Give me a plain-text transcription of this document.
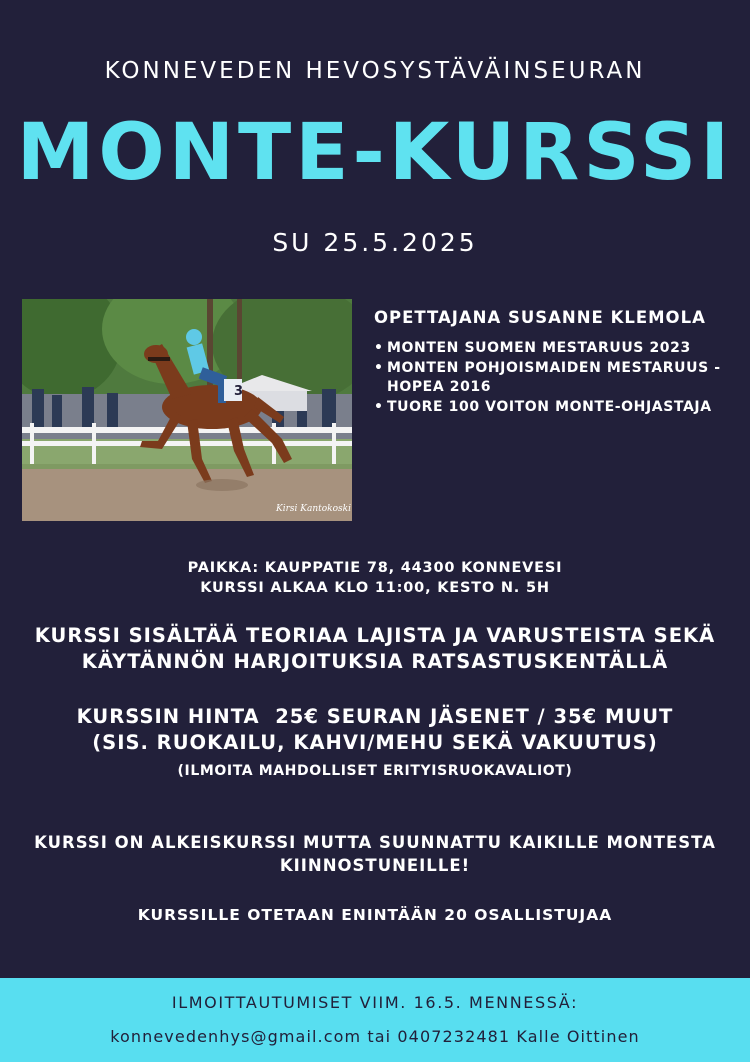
KONNEVEDEN HEVOSYSTÄVÄINSEURAN
MONTE-KURSSI
SU 25.5.2025
3
Kirsi Kantokoski
OPETTAJANA SUSANNE KLEMOLA
• MONTEN SUOMEN MESTARUUS 2023
• MONTEN POHJOISMAIDEN MESTARUUS -HOPEA 2016
• TUORE 100 VOITON MONTE-OHJASTAJA
PAIKKA: KAUPPATIE 78, 44300 KONNEVESI
KURSSI ALKAA KLO 11:00, KESTO N. 5H
KURSSI SISÄLTÄÄ TEORIAA LAJISTA JA VARUSTEISTA SEKÄ
KÄYTÄNNÖN HARJOITUKSIA RATSASTUSKENTÄLLÄ
KURSSIN HINTA  25€ SEURAN JÄSENET / 35€ MUUT
(SIS. RUOKAILU, KAHVI/MEHU SEKÄ VAKUUTUS)
(ILMOITA MAHDOLLISET ERITYISRUOKAVALIOT)
KURSSI ON ALKEISKURSSI MUTTA SUUNNATTU KAIKILLE MONTESTA
KIINNOSTUNEILLE!
KURSSILLE OTETAAN ENINTÄÄN 20 OSALLISTUJAA
ILMOITTAUTUMISET VIIM. 16.5. MENNESSÄ:
konnevedenhys@gmail.com tai 0407232481 Kalle Oittinen
